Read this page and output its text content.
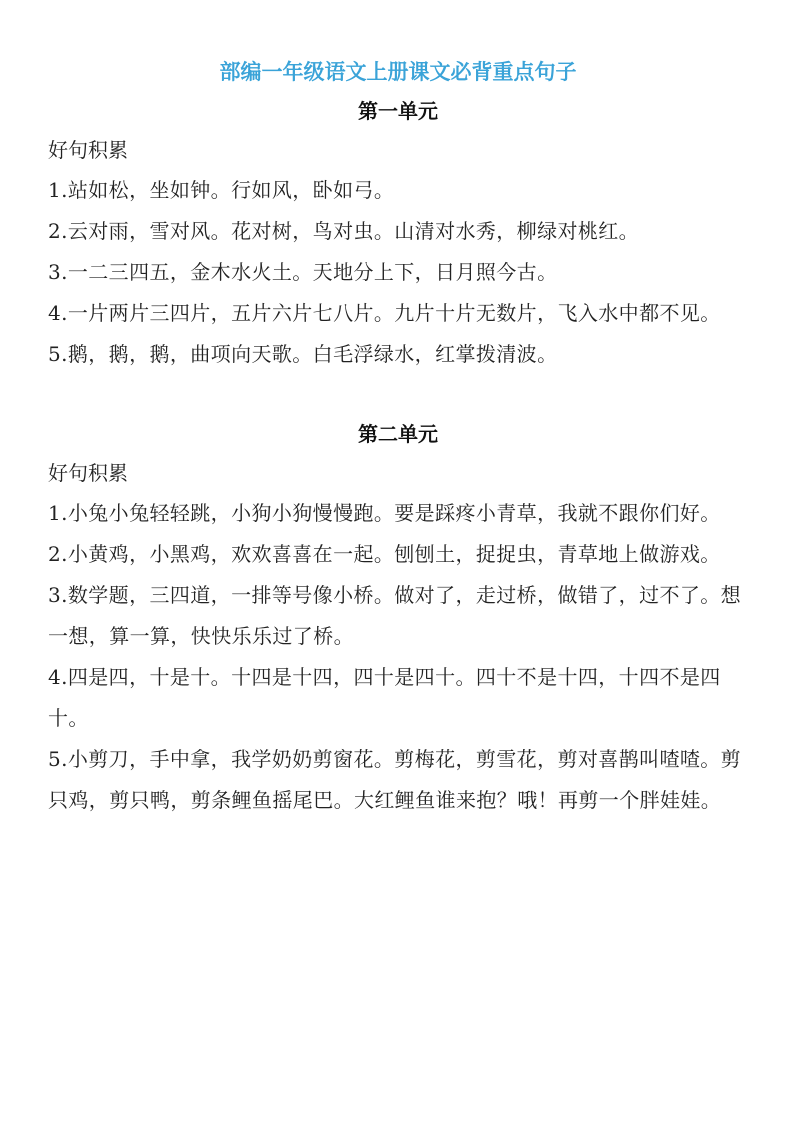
部编一年级语文上册课文必背重点句子
第一单元

好句积累

1.站如松，坐如钟。行如风，卧如弓。

2.云对雨，雪对风。花对树，鸟对虫。山清对水秀，柳绿对桃红。

3.一二三四五，金木水火土。天地分上下，日月照今古。

4.一片两片三四片，五片六片七八片。九片十片无数片，飞入水中都不见。

5.鹅，鹅，鹅，曲项向天歌。白毛浮绿水，红掌拨清波。

第二单元

好句积累

1.小兔小兔轻轻跳，小狗小狗慢慢跑。要是踩疼小青草，我就不跟你们好。

2.小黄鸡，小黑鸡，欢欢喜喜在一起。刨刨土，捉捉虫，青草地上做游戏。

3.数学题，三四道，一排等号像小桥。做对了，走过桥，做错了，过不了。想一想，算一算，快快乐乐过了桥。

4.四是四，十是十。十四是十四，四十是四十。四十不是十四，十四不是四十。

5.小剪刀，手中拿，我学奶奶剪窗花。剪梅花，剪雪花，剪对喜鹊叫喳喳。剪只鸡，剪只鸭，剪条鲤鱼摇尾巴。大红鲤鱼谁来抱？哦！再剪一个胖娃娃。
